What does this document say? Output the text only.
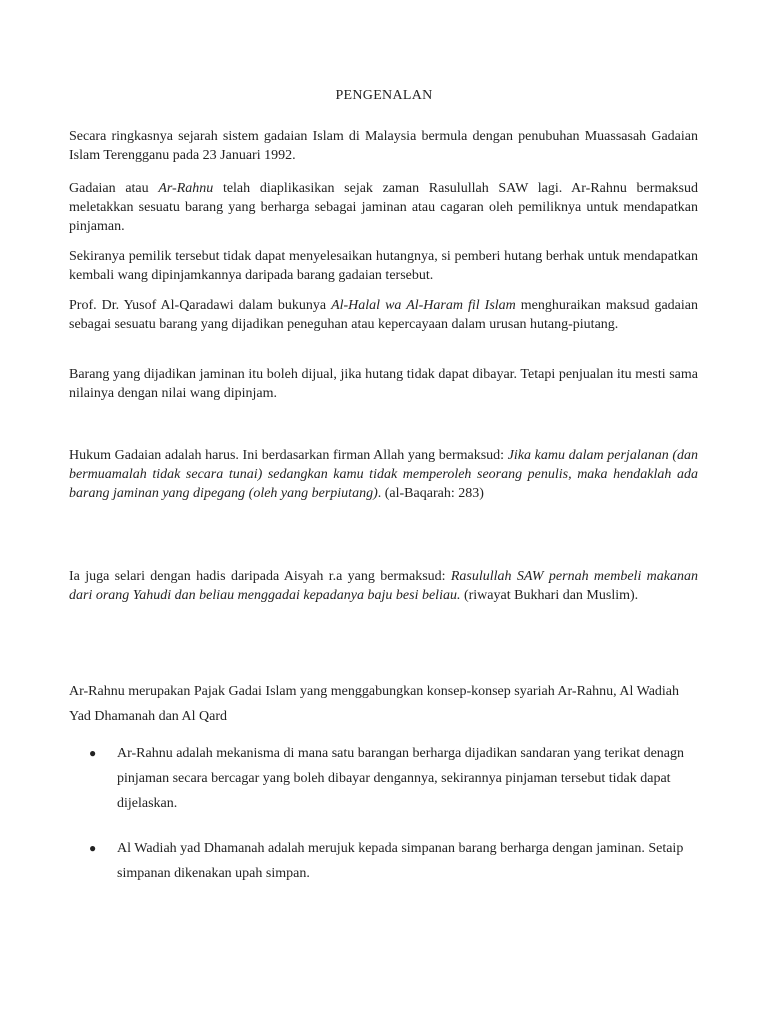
PENGENALAN

Secara ringkasnya sejarah sistem gadaian Islam di Malaysia bermula dengan penubuhan Muassasah Gadaian Islam Terengganu pada 23 Januari 1992.

Gadaian atau Ar-Rahnu telah diaplikasikan sejak zaman Rasulullah SAW lagi. Ar-Rahnu bermaksud meletakkan sesuatu barang yang berharga sebagai jaminan atau cagaran oleh pemiliknya untuk mendapatkan pinjaman.

Sekiranya pemilik tersebut tidak dapat menyelesaikan hutangnya, si pemberi hutang berhak untuk mendapatkan kembali wang dipinjamkannya daripada barang gadaian tersebut.

Prof. Dr. Yusof Al-Qaradawi dalam bukunya Al-Halal wa Al-Haram fil Islam menghuraikan maksud gadaian sebagai sesuatu barang yang dijadikan peneguhan atau kepercayaan dalam urusan hutang-piutang.

Barang yang dijadikan jaminan itu boleh dijual, jika hutang tidak dapat dibayar. Tetapi penjualan itu mesti sama nilainya dengan nilai wang dipinjam.

Hukum Gadaian adalah harus. Ini berdasarkan firman Allah yang bermaksud: Jika kamu dalam perjalanan (dan bermuamalah tidak secara tunai) sedangkan kamu tidak memperoleh seorang penulis, maka hendaklah ada barang jaminan yang dipegang (oleh yang berpiutang). (al-Baqarah: 283)

Ia juga selari dengan hadis daripada Aisyah r.a yang bermaksud: Rasulullah SAW pernah membeli makanan dari orang Yahudi dan beliau menggadai kepadanya baju besi beliau. (riwayat Bukhari dan Muslim).

Ar-Rahnu merupakan Pajak Gadai Islam yang menggabungkan konsep-konsep syariah Ar-Rahnu, Al Wadiah Yad Dhamanah dan Al Qard

●	Ar-Rahnu adalah mekanisma di mana satu barangan berharga dijadikan sandaran yang terikat denagn pinjaman secara bercagar yang boleh dibayar dengannya, sekirannya pinjaman tersebut tidak dapat dijelaskan.
●	Al Wadiah yad Dhamanah adalah merujuk kepada simpanan barang berharga dengan jaminan. Setaip simpanan dikenakan upah simpan.
